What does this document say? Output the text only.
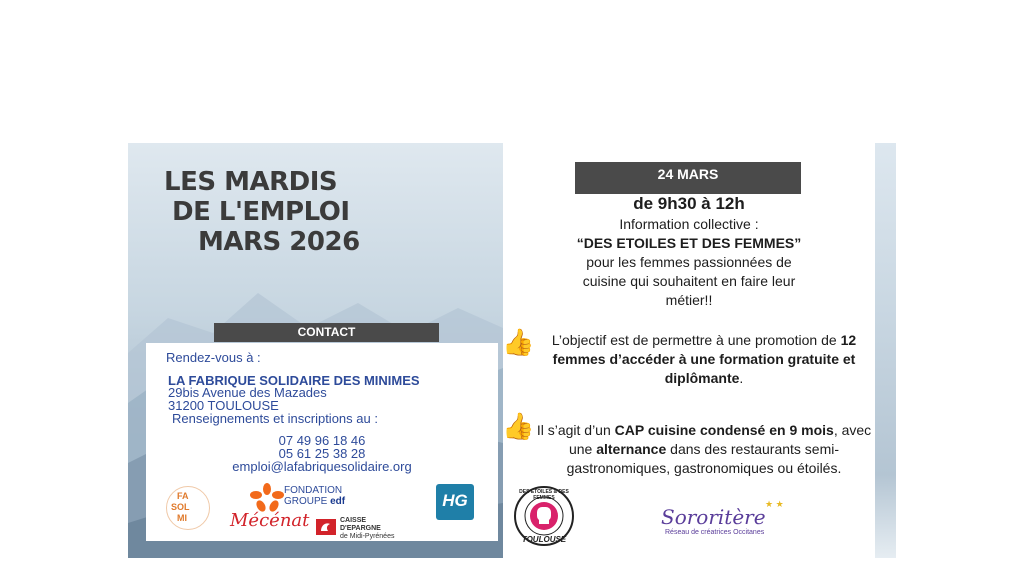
LES MARDIS
DE L'EMPLOI
MARS 2026
CONTACT
Rendez-vous à :
LA FABRIQUE SOLIDAIRE DES MINIMES
29bis Avenue des Mazades
31200 TOULOUSE
Renseignements et inscriptions au :
07 49 96 18 46
05 61 25 38 28
emploi@lafabriquesolidaire.org
FA
SOL
MI
FONDATION
GROUPE edf	HG
Mécénat	CAISSE
D'EPARGNE
de Midi-Pyrénées
24 MARS
de 9h30 à 12h
Information collective :
“DES ETOILES ET DES FEMMES”
pour les femmes passionnées de
cuisine qui souhaitent en faire leur
métier!!
👍	L’objectif est de permettre à une promotion de 12 femmes d’accéder à une formation gratuite et diplômante.
👍 Il s’agit d’un CAP cuisine condensé en 9 mois, avec une alternance dans des restaurants semi-gastronomiques, gastronomiques ou étoilés.
DES ETOILES & DES FEMMES
TOULOUSE
Sororitère
★ ★
Réseau de créatrices Occitanes
